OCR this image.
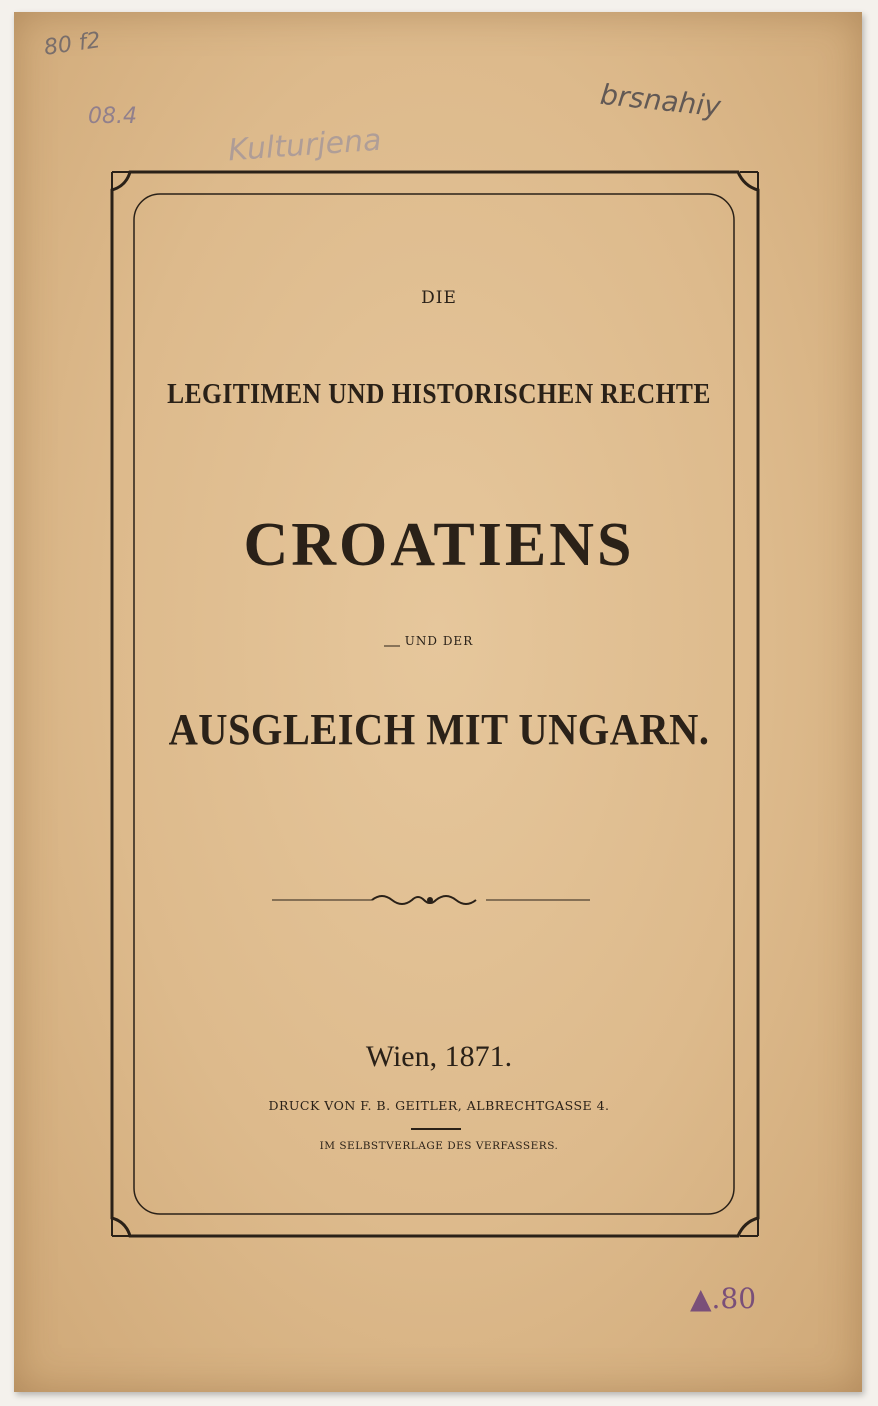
DIE
LEGITIMEN UND HISTORISCHEN RECHTE
CROATIENS
UND DER
AUSGLEICH MIT UNGARN.
Wien, 1871.
DRUCK VON F. B. GEITLER, ALBRECHTGASSE 4.
IM SELBSTVERLAGE DES VERFASSERS.
80 f2
08.4
Kulturjena
brsnahiy
▲.80
